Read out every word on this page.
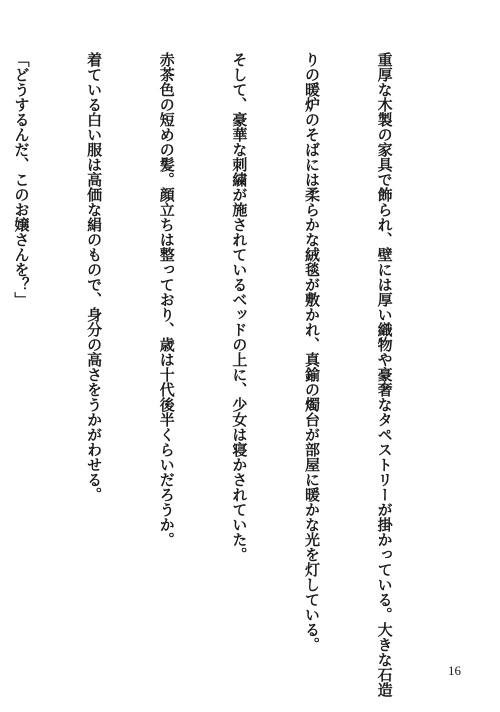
重厚な木製の家具で飾られ、壁には厚い織物や豪奢なタペストリーが掛かっている。大きな石造

りの暖炉のそばには柔らかな絨毯が敷かれ、真鍮の燭台が部屋に暖かな光を灯している。

そして、豪華な刺繍が施されているベッドの上に、少女は寝かされていた。

赤茶色の短めの髪。顔立ちは整っており、歳は十代後半くらいだろうか。

着ている白い服は高価な絹のもので、身分の高さをうかがわせる。

「どうするんだ、このお嬢さんを？」

16
